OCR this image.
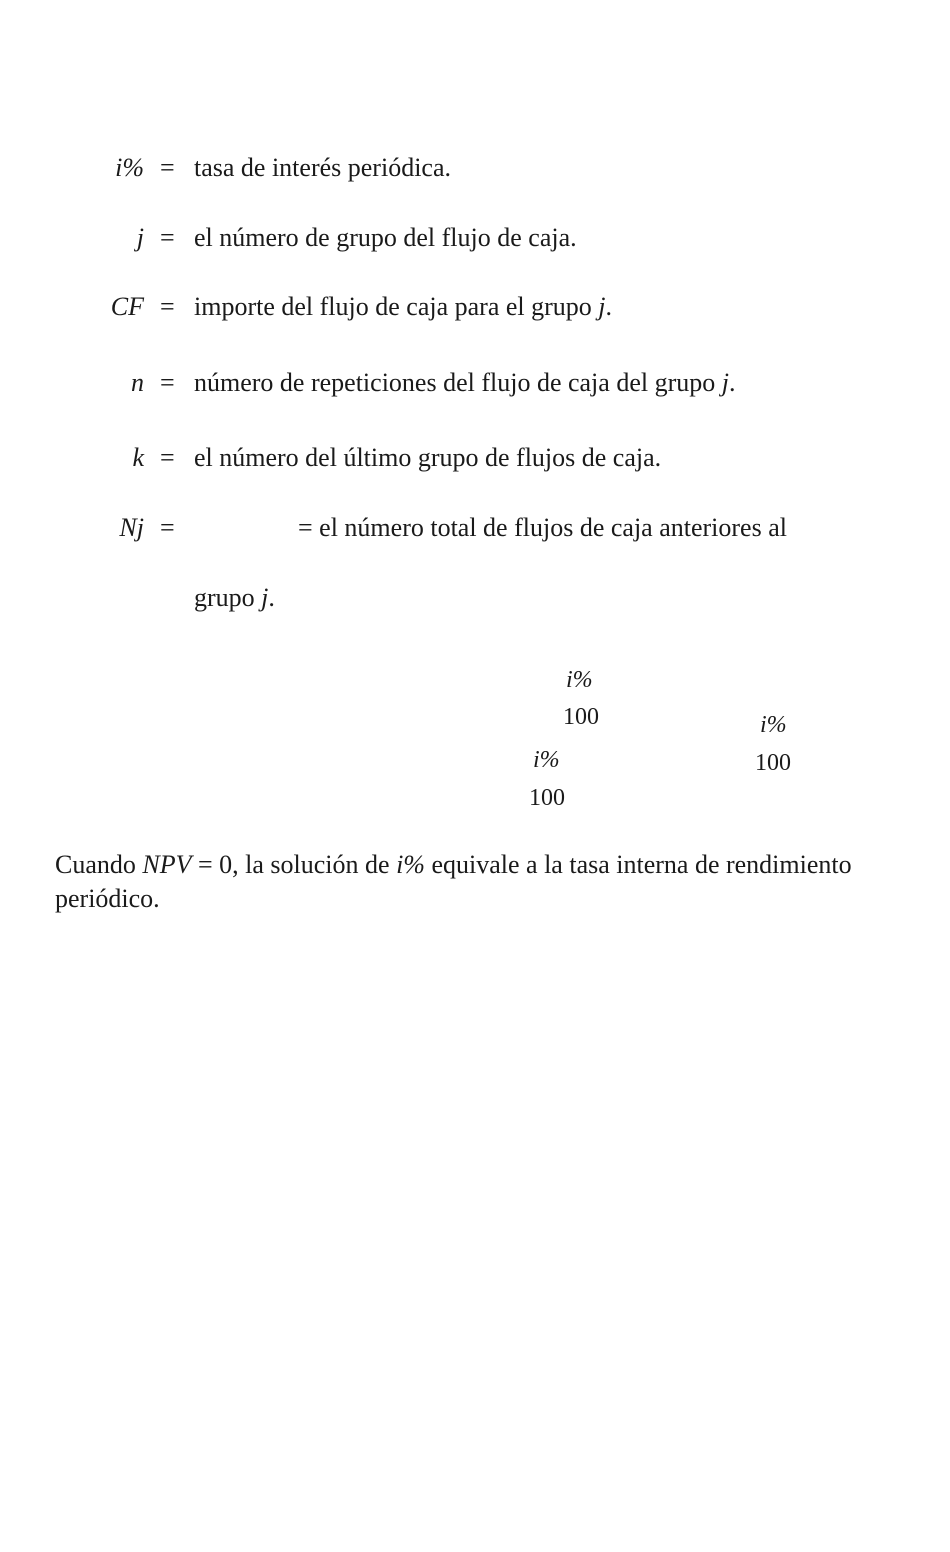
i% = tasa de interés periódica.
j = el número de grupo del flujo de caja.
CF = importe del flujo de caja para el grupo j.
n = número de repeticiones del flujo de caja del grupo j.
k = el número del último grupo de flujos de caja.
Nj =	= el número total de flujos de caja anteriores al
grupo j.
i%
100	i%
100
i%
100

Cuando NPV = 0, la solución de i% equivale a la tasa interna de rendimiento periódico.
